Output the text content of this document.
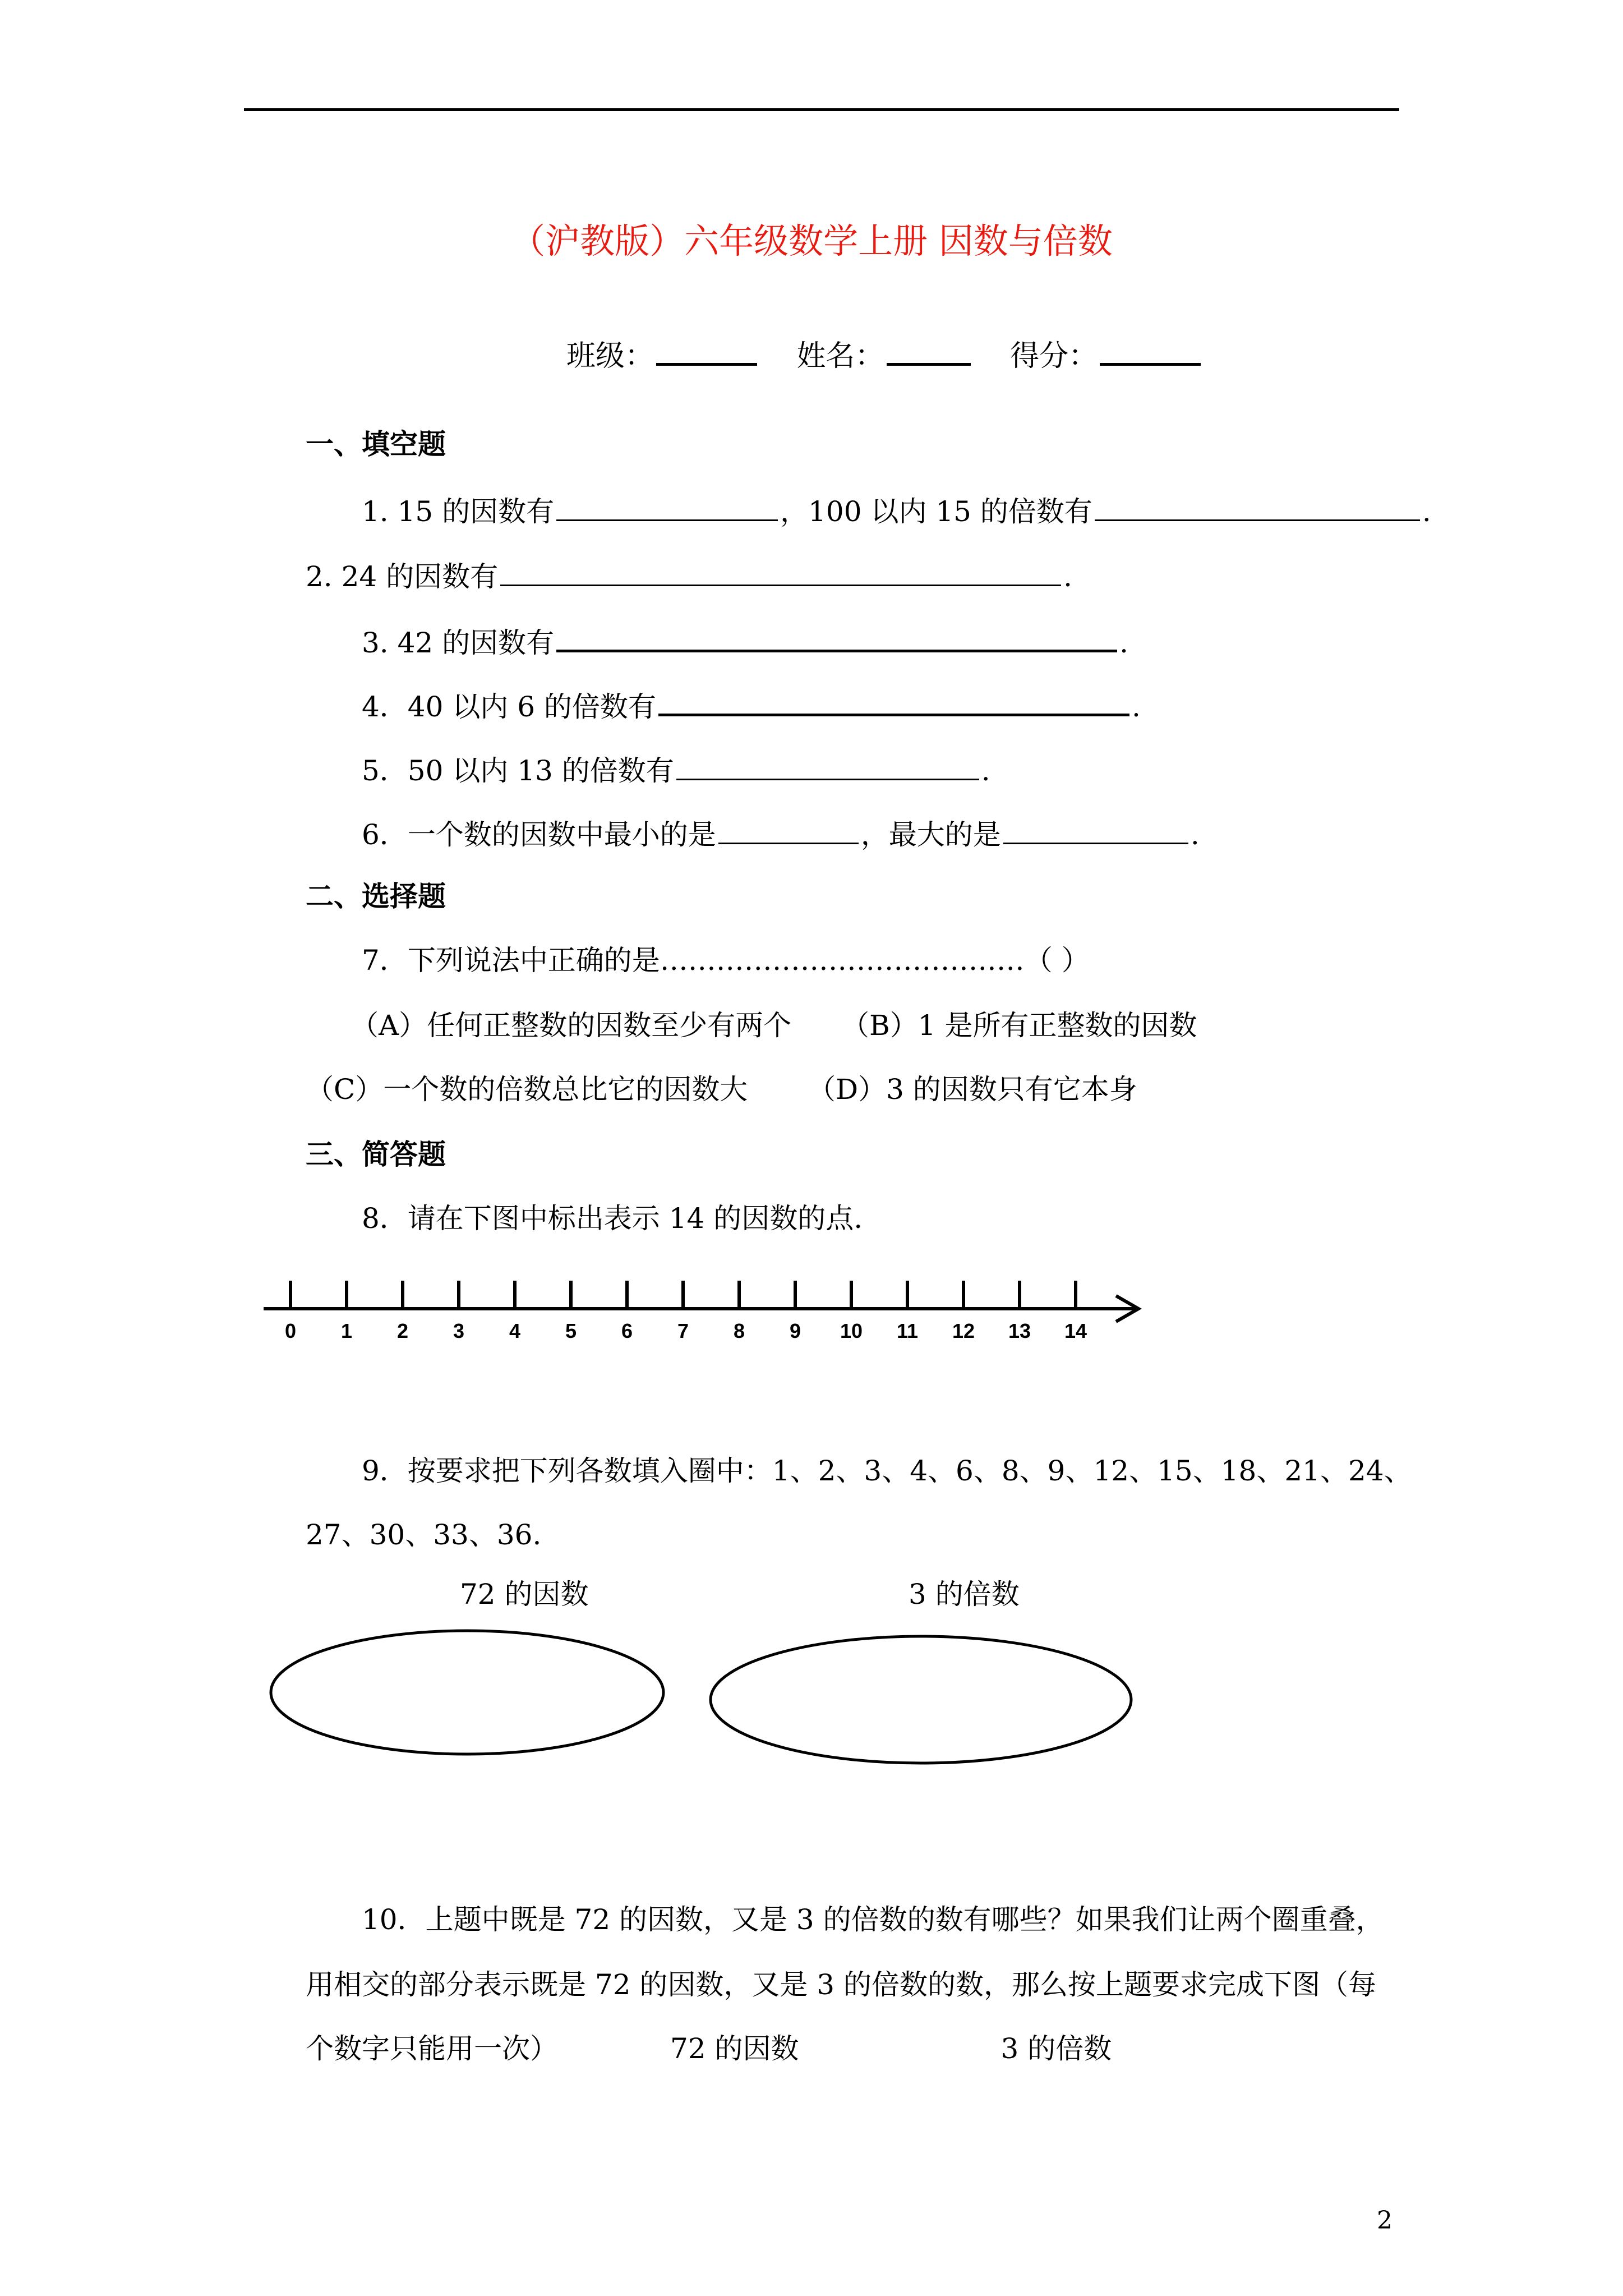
（沪教版）六年级数学上册 因数与倍数
班级：	姓名：	得分：
一、填空题
1. 15 的因数有	，100 以内 15 的倍数有	.
2. 24 的因数有	.
3. 42 的因数有	.
4．40 以内 6 的倍数有	.
5．50 以内 13 的倍数有	.
6．一个数的因数中最小的是	，最大的是	.
二、选择题
7．下列说法中正确的是…………………………………（ ）
（A）任何正整数的因数至少有两个 （B）1 是所有正整数的因数
（C）一个数的倍数总比它的因数大 （D）3 的因数只有它本身
三、简答题
8．请在下图中标出表示 14 的因数的点.
0 1 2 3 4 5 6 7 8 9 10 11 12 13 14
9．按要求把下列各数填入圈中：1、2、3、4、6、8、9、12、15、18、21、24、
27、30、33、36.
72 的因数	3 的倍数
10．上题中既是 72 的因数，又是 3 的倍数的数有哪些？如果我们让两个圈重叠，
用相交的部分表示既是 72 的因数，又是 3 的倍数的数，那么按上题要求完成下图（每
个数字只能用一次）	72 的因数	3 的倍数
2
